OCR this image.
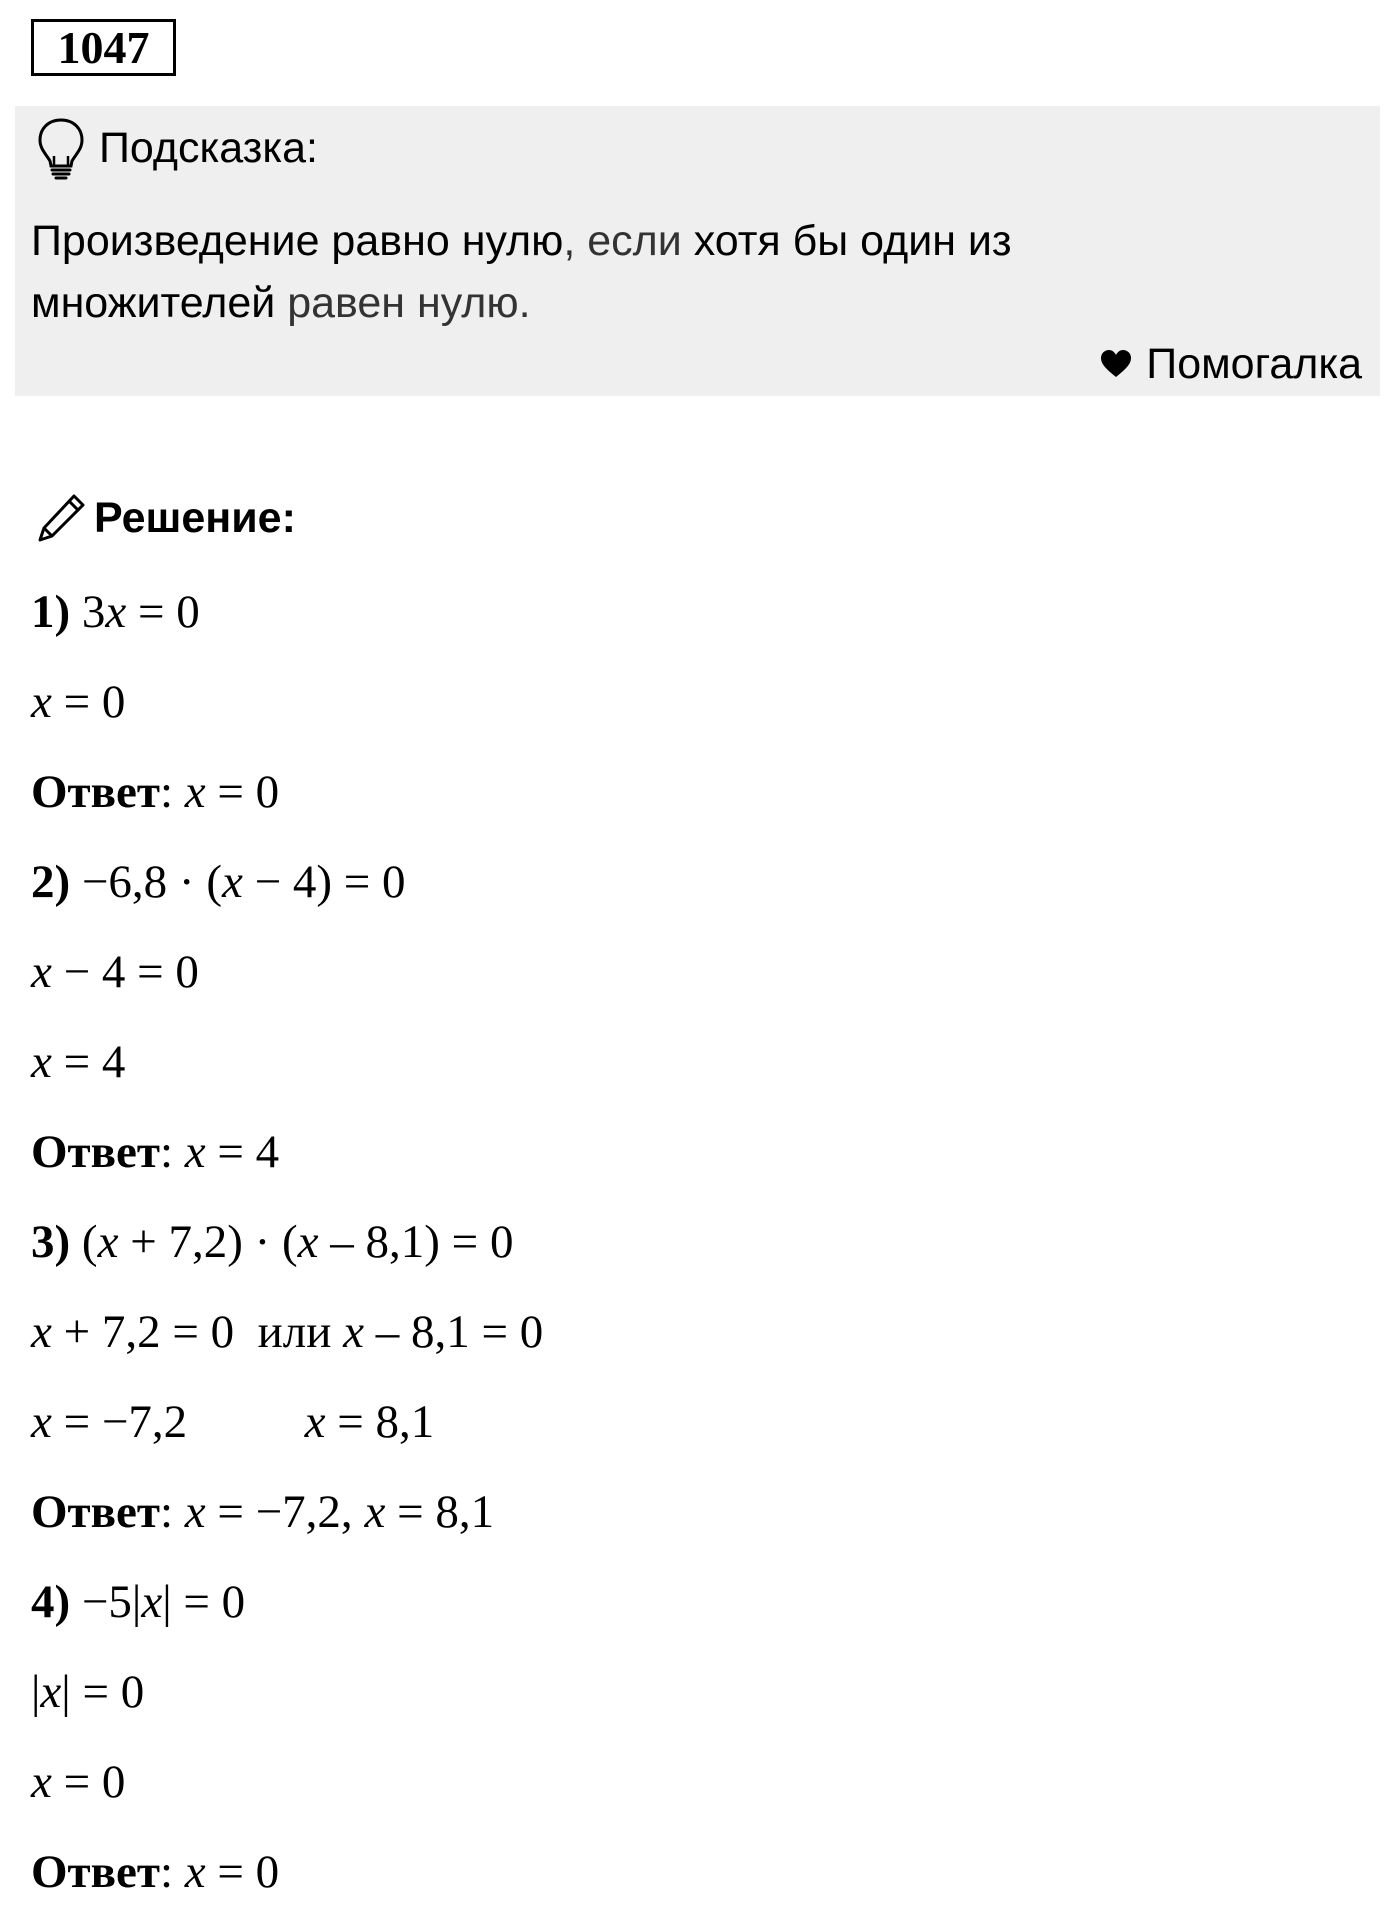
1047
Подсказка:
Произведение равно нулю, если хотя бы один из
множителей равен нулю.
Помогалка
Решение:
1) 3x = 0
x = 0
Ответ: x = 0
2) −6,8 · (x − 4) = 0
x − 4 = 0
x = 4
Ответ: x = 4
3) (x + 7,2) · (x – 8,1) = 0
x + 7,2 = 0  или x – 8,1 = 0
x = −7,2          x = 8,1
Ответ: x = −7,2, x = 8,1
4) −5|x| = 0
|x| = 0
x = 0
Ответ: x = 0
